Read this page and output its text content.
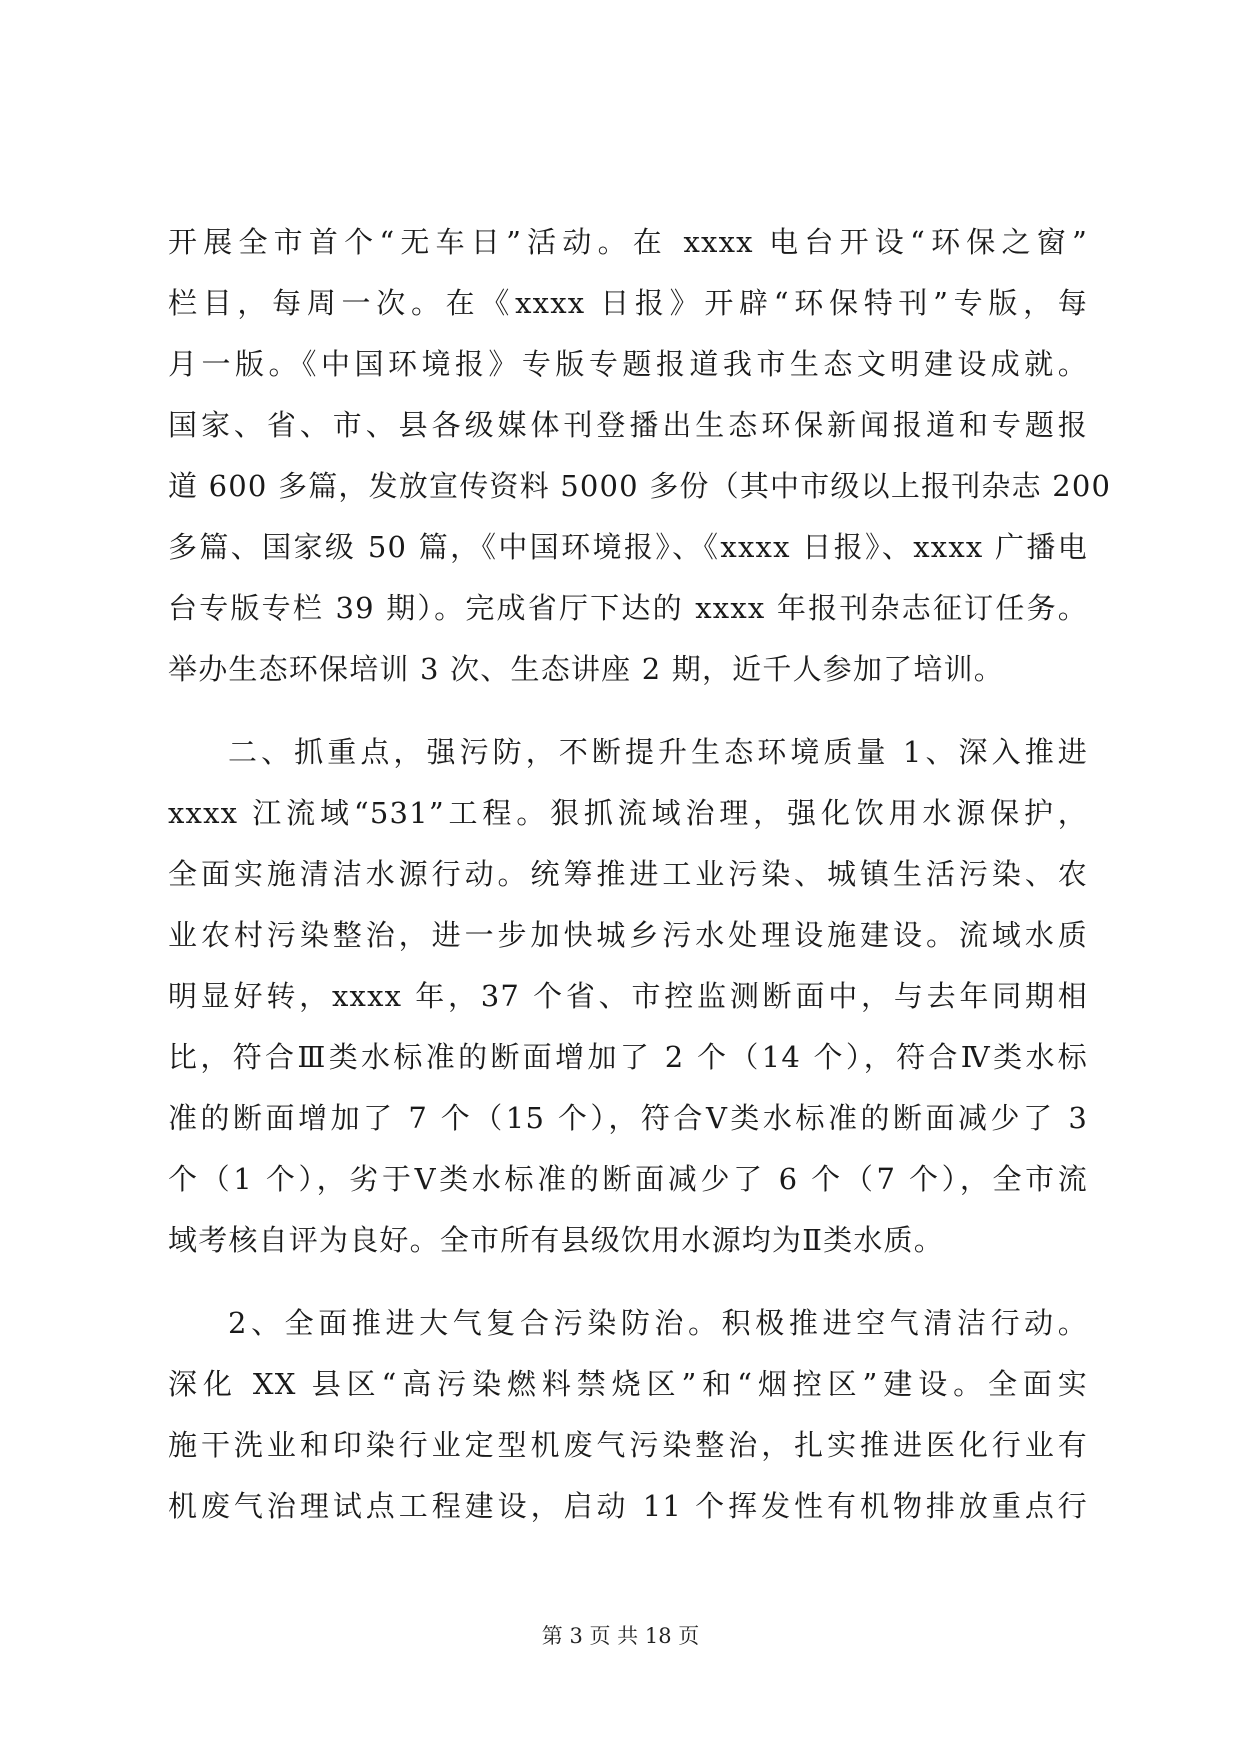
开展全市首个“无车日”活动。在 xxxx 电台开设“环保之窗”
栏目，每周一次。在《xxxx 日报》开辟“环保特刊”专版，每
月一版。《中国环境报》专版专题报道我市生态文明建设成就。
国家、省、市、县各级媒体刊登播出生态环保新闻报道和专题报
道 600 多篇，发放宣传资料 5000 多份（其中市级以上报刊杂志 200
多篇、国家级 50 篇，《中国环境报》、《xxxx 日报》、xxxx 广播电
台专版专栏 39 期）。完成省厅下达的 xxxx 年报刊杂志征订任务。
举办生态环保培训 3 次、生态讲座 2 期，近千人参加了培训。
二、抓重点，强污防，不断提升生态环境质量 1、深入推进
xxxx 江流域“531”工程。狠抓流域治理，强化饮用水源保护，
全面实施清洁水源行动。统筹推进工业污染、城镇生活污染、农
业农村污染整治，进一步加快城乡污水处理设施建设。流域水质
明显好转，xxxx 年，37 个省、市控监测断面中，与去年同期相
比，符合Ⅲ类水标准的断面增加了 2 个（14 个），符合Ⅳ类水标
准的断面增加了 7 个（15 个），符合Ⅴ类水标准的断面减少了 3
个（1 个），劣于Ⅴ类水标准的断面减少了 6 个（7 个），全市流
域考核自评为良好。全市所有县级饮用水源均为Ⅱ类水质。
2、全面推进大气复合污染防治。积极推进空气清洁行动。
深化 XX 县区“高污染燃料禁烧区”和“烟控区”建设。全面实
施干洗业和印染行业定型机废气污染整治，扎实推进医化行业有
机废气治理试点工程建设，启动 11 个挥发性有机物排放重点行
第 3 页 共 18 页
